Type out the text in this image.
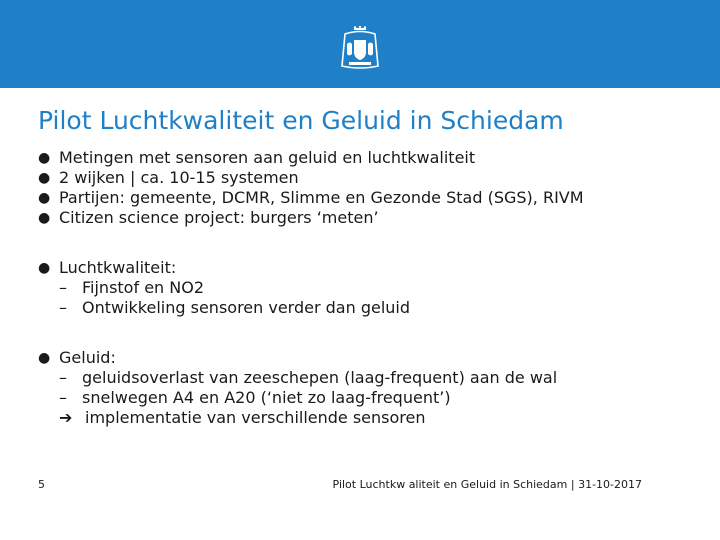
Pilot Luchtkwaliteit en Geluid in Schiedam
● Metingen met sensoren aan geluid en luchtkwaliteit
● 2 wijken | ca. 10-15 systemen
● Partijen: gemeente, DCMR, Slimme en Gezonde Stad (SGS), RIVM
● Citizen science project: burgers ‘meten’
● Luchtkwaliteit:
– Fijnstof en NO2
– Ontwikkeling sensoren verder dan geluid
● Geluid:
– geluidsoverlast van zeeschepen (laag-frequent) aan de wal
– snelwegen A4 en A20 (‘niet zo laag-frequent’)
➔ implementatie van verschillende sensoren
5	Pilot Luchtkw aliteit en Geluid in Schiedam | 31-10-2017
